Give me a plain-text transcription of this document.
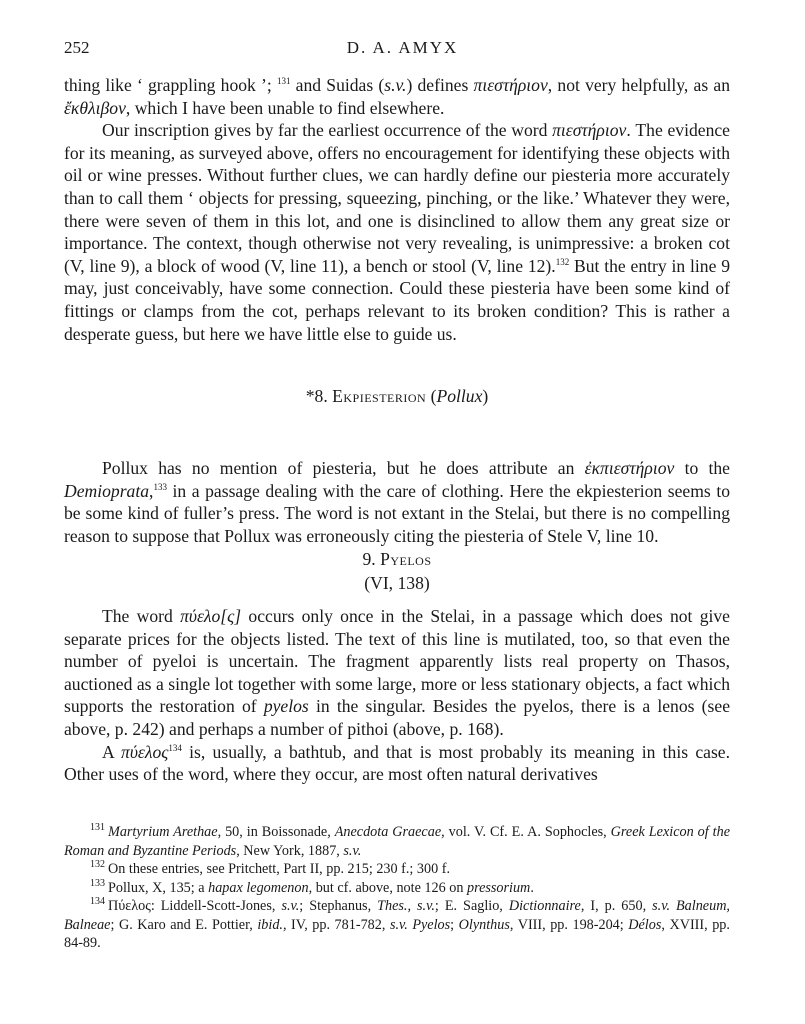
252	D. A. AMYX

thing like ‘ grappling hook ’; $^{131}$ and Suidas (s.v.) defines πιεστήριον, not very helpfully, as an ἔκθλιβον, which I have been unable to find elsewhere.

Our inscription gives by far the earliest occurrence of the word πιεστήριον. The evidence for its meaning, as surveyed above, offers no encouragement for identifying these objects with oil or wine presses. Without further clues, we can hardly define our piesteria more accurately than to call them ‘ objects for pressing, squeezing, pinching, or the like.’ Whatever they were, there were seven of them in this lot, and one is disinclined to allow them any great size or importance. The context, though otherwise not very revealing, is unimpressive: a broken cot (V, line 9), a block of wood (V, line 11), a bench or stool (V, line 12).$^{132}$ But the entry in line 9 may, just conceivably, have some connection. Could these piesteria have been some kind of fittings or clamps from the cot, perhaps relevant to its broken condition? This is rather a desperate guess, but here we have little else to guide us.

*8. Ekpiesterion (Pollux)

Pollux has no mention of piesteria, but he does attribute an ἐκπιεστήριον to the Demioprata,$^{133}$ in a passage dealing with the care of clothing. Here the ekpiesterion seems to be some kind of fuller’s press. The word is not extant in the Stelai, but there is no compelling reason to suppose that Pollux was erroneously citing the piesteria of Stele V, line 10.

9. Pyelos
(VI, 138)

The word πύελο[ς] occurs only once in the Stelai, in a passage which does not give separate prices for the objects listed. The text of this line is mutilated, too, so that even the number of pyeloi is uncertain. The fragment apparently lists real property on Thasos, auctioned as a single lot together with some large, more or less stationary objects, a fact which supports the restoration of pyelos in the singular. Besides the pyelos, there is a lenos (see above, p. 242) and perhaps a number of pithoi (above, p. 168).

A πύελος$^{134}$ is, usually, a bathtub, and that is most probably its meaning in this case. Other uses of the word, where they occur, are most often natural derivatives

$^{131}$ Martyrium Arethae, 50, in Boissonade, Anecdota Graecae, vol. V. Cf. E. A. Sophocles, Greek Lexicon of the Roman and Byzantine Periods, New York, 1887, s.v.

$^{132}$ On these entries, see Pritchett, Part II, pp. 215; 230 f.; 300 f.

$^{133}$ Pollux, X, 135; a hapax legomenon, but cf. above, note 126 on pressorium.

$^{134}$ Πύελος: Liddell-Scott-Jones, s.v.; Stephanus, Thes., s.v.; E. Saglio, Dictionnaire, I, p. 650, s.v. Balneum, Balneae; G. Karo and E. Pottier, ibid., IV, pp. 781-782, s.v. Pyelos; Olynthus, VIII, pp. 198-204; Délos, XVIII, pp. 84-89.
